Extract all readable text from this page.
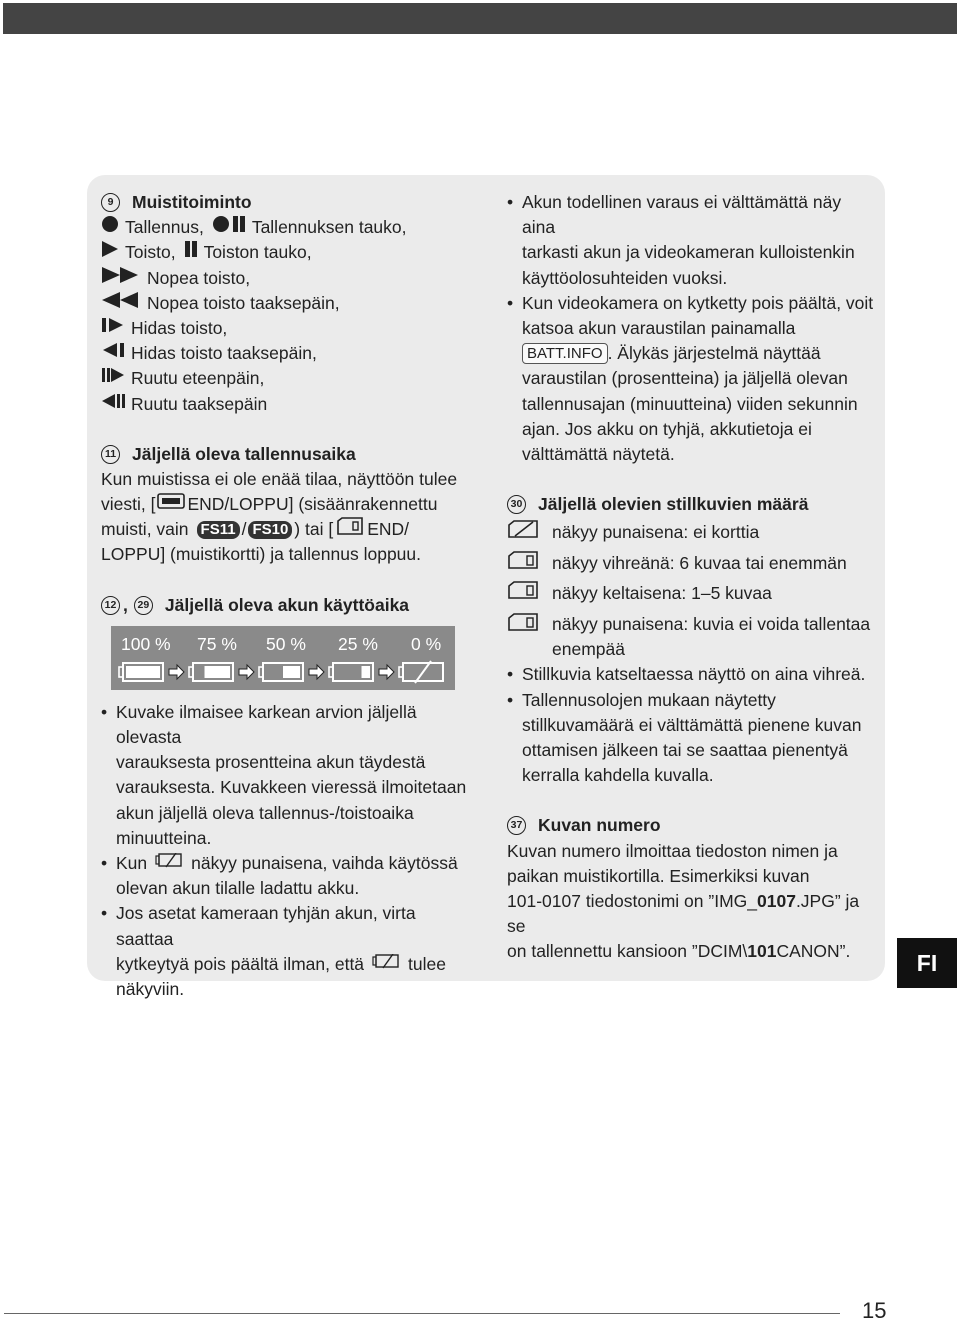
9	Muistitoiminto
Tallennus,	Tallennuksen tauko,
Toisto, Toiston tauko,
Nopea toisto,
Nopea toisto taaksepäin,
Hidas toisto,
Hidas toisto taaksepäin,
Ruutu eteenpäin,
Ruutu taaksepäin
11 Jäljellä oleva tallennusaika
Kun muistissa ei ole enää tilaa, näyttöön tulee
viesti, [ END/LOPPU] (sisäänrakennettu
muisti, vain FS11 / FS10 ) tai [ END/
LOPPU] (muistikortti) ja tallennus loppuu.
12 , 29 Jäljellä oleva akun käyttöaika
100 % 75 % 50 % 25 % 0 %
• Kuvake ilmaisee karkean arvion jäljellä olevasta
varauksesta prosentteina akun täydestä
varauksesta. Kuvakkeen vieressä ilmoitetaan
akun jäljellä oleva tallennus-/toistoaika
minuutteina.
• Kun	näkyy punaisena, vaihda käytössä
olevan akun tilalle ladattu akku.
• Jos asetat kameraan tyhjän akun, virta saattaa
kytkeytyä pois päältä ilman, että	tulee
näkyviin.
• Akun todellinen varaus ei välttämättä näy aina
tarkasti akun ja videokameran kulloistenkin
käyttöolosuhteiden vuoksi.
• Kun videokamera on kytketty pois päältä, voit
katsoa akun varaustilan painamalla
BATT.INFO . Älykäs järjestelmä näyttää
varaustilan (prosentteina) ja jäljellä olevan
tallennusajan (minuutteina) viiden sekunnin
ajan. Jos akku on tyhjä, akkutietoja ei
välttämättä näytetä.
30 Jäljellä olevien stillkuvien määrä
näkyy punaisena: ei korttia
näkyy vihreänä: 6 kuvaa tai enemmän
näkyy keltaisena: 1–5 kuvaa
näkyy punaisena: kuvia ei voida tallentaa
enempää
• Stillkuvia katseltaessa näyttö on aina vihreä.
• Tallennusolojen mukaan näytetty
stillkuvamäärä ei välttämättä pienene kuvan
ottamisen jälkeen tai se saattaa pienentyä
kerralla kahdella kuvalla.
37 Kuvan numero
Kuvan numero ilmoittaa tiedoston nimen ja
paikan muistikortilla. Esimerkiksi kuvan
101-0107 tiedostonimi on ”IMG_0107.JPG” ja se
on tallennettu kansioon ”DCIM\101CANON”.	FI
15
